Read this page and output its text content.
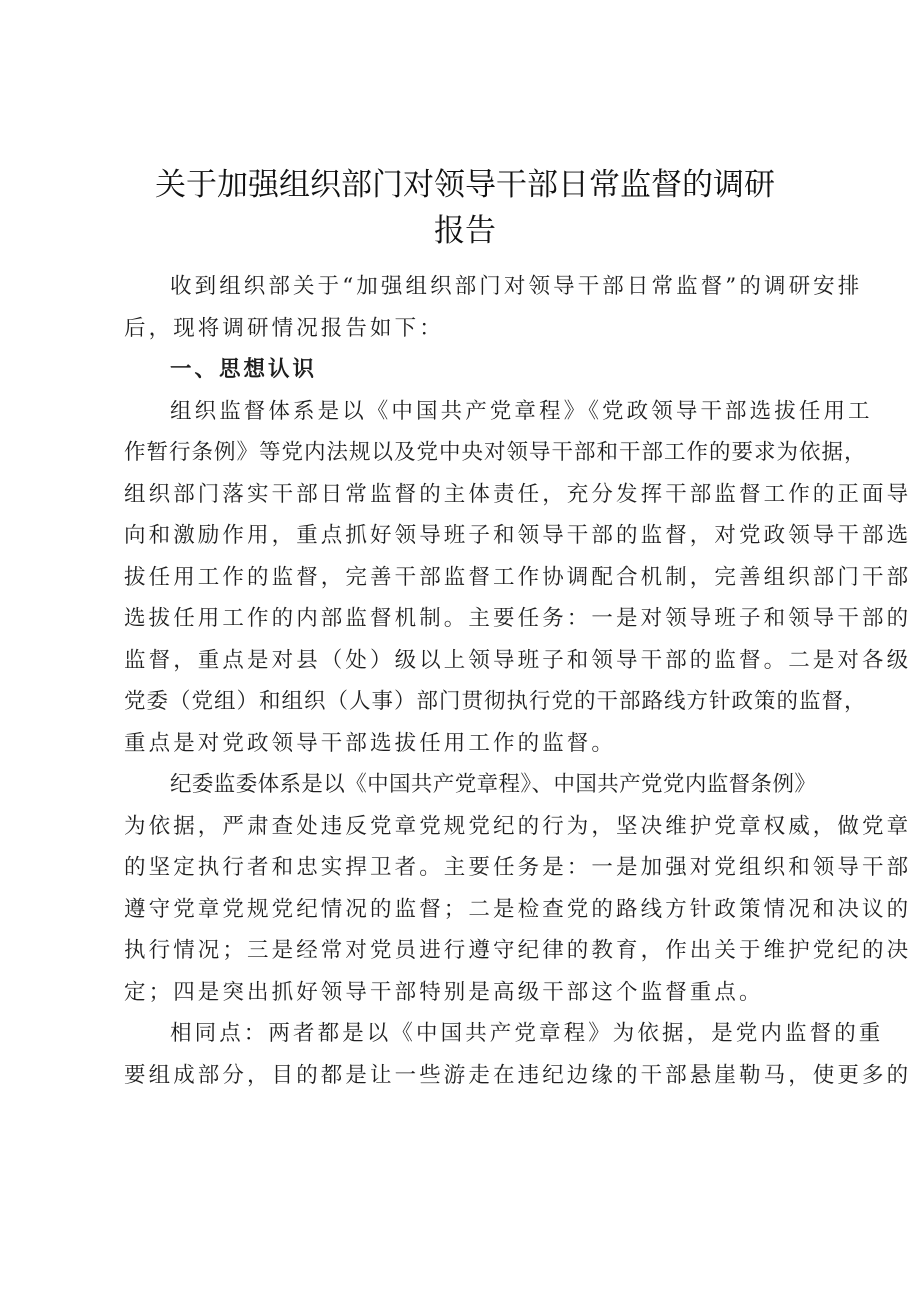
关于加强组织部门对领导干部日常监督的调研
报告
收到组织部关于“加强组织部门对领导干部日常监督”的调研安排
后，现将调研情况报告如下：
一、思想认识
组织监督体系是以《中国共产党章程》《党政领导干部选拔任用工
作暂行条例》等党内法规以及党中央对领导干部和干部工作的要求为依据，
组织部门落实干部日常监督的主体责任，充分发挥干部监督工作的正面导
向和激励作用，重点抓好领导班子和领导干部的监督，对党政领导干部选
拔任用工作的监督，完善干部监督工作协调配合机制，完善组织部门干部
选拔任用工作的内部监督机制。主要任务：一是对领导班子和领导干部的
监督，重点是对县（处）级以上领导班子和领导干部的监督。二是对各级
党委（党组）和组织（人事）部门贯彻执行党的干部路线方针政策的监督，
重点是对党政领导干部选拔任用工作的监督。
纪委监委体系是以《中国共产党章程》、中国共产党党内监督条例》
为依据，严肃查处违反党章党规党纪的行为，坚决维护党章权威，做党章
的坚定执行者和忠实捍卫者。主要任务是：一是加强对党组织和领导干部
遵守党章党规党纪情况的监督；二是检查党的路线方针政策情况和决议的
执行情况；三是经常对党员进行遵守纪律的教育，作出关于维护党纪的决
定；四是突出抓好领导干部特别是高级干部这个监督重点。
相同点：两者都是以《中国共产党章程》为依据，是党内监督的重
要组成部分，目的都是让一些游走在违纪边缘的干部悬崖勒马，使更多的
